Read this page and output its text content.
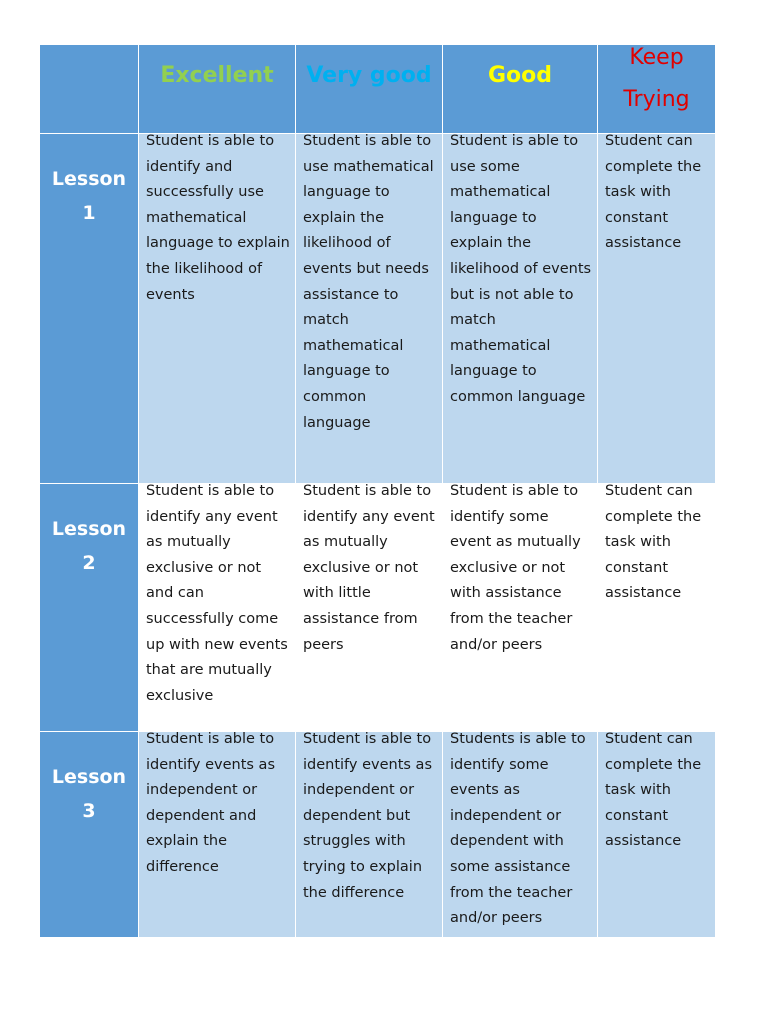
	Excellent	Very good	Good	Keep Trying

Lesson
1	Student is able to identify and successfully use mathematical language to explain the likelihood of events	Student is able to use mathematical language to explain the likelihood of events but needs assistance to match mathematical language to common language	Student is able to use some mathematical language to explain the likelihood of events but is not able to match mathematical language to common language	Student can complete the task with constant assistance

Lesson
2	Student is able to identify any event as mutually exclusive or not and can successfully come up with new events that are mutually exclusive	Student is able to identify any event as mutually exclusive or not with little assistance from peers	Student is able to identify some event as mutually exclusive or not with assistance from the teacher and/or peers	Student can complete the task with constant assistance

Lesson
3	Student is able to identify events as independent or dependent and explain the difference	Student is able to identify events as independent or dependent but struggles with trying to explain the difference	Students is able to identify some events as independent or dependent with some assistance from the teacher and/or peers	Student can complete the task with constant assistance
